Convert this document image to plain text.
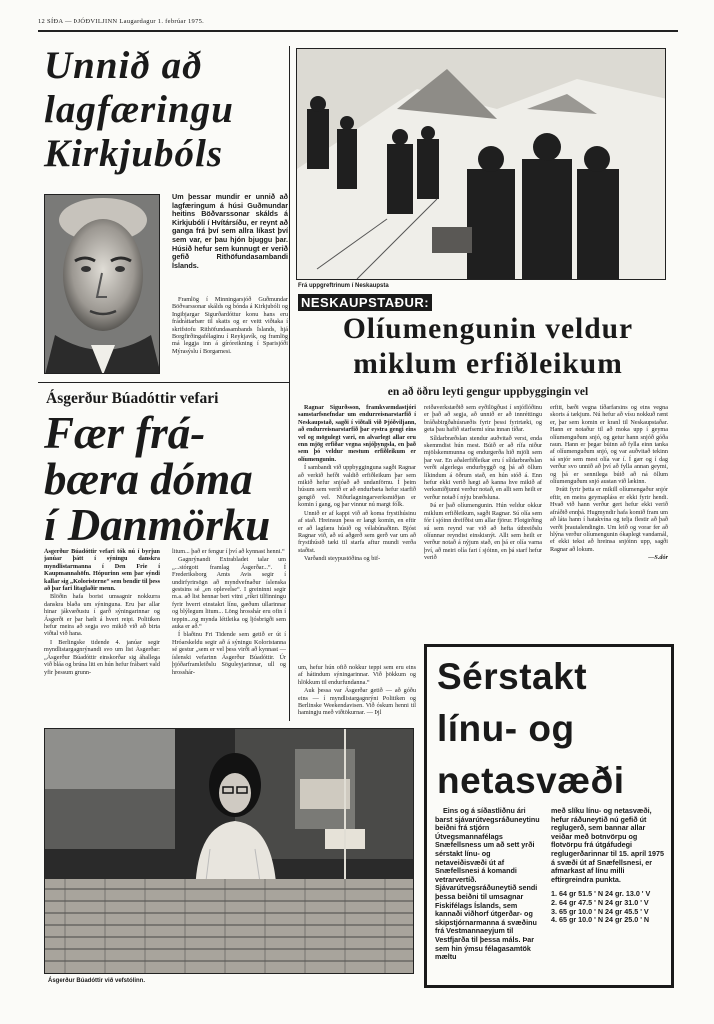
12 SÍÐA — ÞJÓÐVILJINN Laugardagur 1. febrúar 1975.
Unnið að
lagfæringu
Kirkjubóls

Um þessar mundir er unnið að lagfæringum á húsi Guðmundar heitins Böðvarssonar skálds á Kirkjubóli í Hvítársíðu, er reynt að ganga frá því sem allra líkast því sem var, er þau hjón bjuggu þar. Húsið hefur sem kunnugt er verið gefið Rithöfundasambandi Íslands.

Framlög í Minningarsjóð Guðmundar Böðvarssonar skálds og bónda á Kirkjubóli og Ingibjargar Sigurðardóttur konu hans eru frádráttarbær til skatts og er veitt viðtaka í skrifstofu Rithöfundasambands Íslands, hjá Borgfirðingafélaginu í Reykjavík, og framlög má leggja inn á gíróreikning í Sparisjóði Mýrasýslu í Borgarnesi.

Ásgerður Búadóttir vefari
Fær frá-
bæra dóma
í Danmörku

Ásgerður Búadóttir vefari tók nú í byrjun janúar þátt í sýningu danskra myndlistarmanna í Den Frie í Kaupmannahöfn. Hópurinn sem þar sýndi kallar sig „Koloristerne“ sem bendir til þess að þar fari litaglaðir menn.

Blöðin hafa borist umsagnir nokkurra danskra blaða um sýninguna. Eru þar allar hinar jákvæðustu í garð sýningarinnar og Ásgerði er þar hælt á hvert reipi. Politiken hefur meira að segja svo mikið við að birta viðtal við hana.

I Berlingske tidende 4. janúar segir myndlistargagnrýnandi svo um list Ásgerðar: „Ásgerður Búadóttir einskorðar sig áhallega við bláa og brúna liti en hún hefur frábært vald yfir þessum grunn-

litum... það er fengur í því að kynnast henni.“

Gagnrýnandi Extrabladet talar um „...stórgott framlag Ásgerðar...“. Í Frederiksborg Amts Avis segir í undirfyrirsögn að myndvefnaður íslenska gestsins sé „en oplevelse“. I greininni segir m.a. að list hennar beri vitni „ríkri tilfinningu fyrir hverri einstakri línu, gæðum ullarinnar og blýlegum litum... Löng hrosshár eru ofin í teppin...og mynda léttleika og ljósbrigði sem auka er að.“

Í blaðinu Fri Tidende sem getið er út í Hróarskeldu segir að á sýningu Koloristanna sé gestur „sem er vel þess virði að kynnast — íslenski vefarinn Ásgerður Búadóttir. Úr þjóðarframleiðslu Söguleyjarinnar, ull og hrosshár-

um, hefur hún ofið nokkur teppi sem eru eins af hátindum sýningarinnar. Við þökkum og hlökkum til endurfundanna.“

Auk þessa var Ásgerðar getið — að góðu eins — í myndlistargagnrýni Politiken og Berlinske Weekendavisen. Við óskum henni til hamingju með viðtökurnar. — Þjl

Ásgerður Búadóttir við vefstólinn.
Frá uppgreftrinum í Neskaupsta
NESKAUPSTAÐUR:
Olíumengunin veldur
miklum erfiðleikum
en að öðru leyti gengur uppbyggingin vel

Ragnar Sigurðsson, framkvæmdastjóri samstarfsnefndar um endurreisnarstarfið í Neskaupstað, sagði í viðtali við Þjóðviljann, að endurreisnarstarfið þar eystra gengi eins vel og mögulegt væri, en alvarlegt allar eru enn mjög erfiðar vegna snjóþyngsla, en það sem þó veldur mestum erfiðleikum er olíumengunin.

Í sambandi við uppbygginguna sagði Ragnar að verkið hefði valdið erfiðleikum þar sem mikið hefur snjóað að undanförnu. Í þeim húsum sem verið er að endurbæta hefur starfið gengið vel. Niðurlagningarverksmiðjan er komin í gang, og þar vinnur nú margt fólk.

Unnið er af kappi við að koma frystihúsinu af stað. Hreinsun þess er langt komin, en eftir er að lagfæra húsið og vélabúnaðinn. Bjóst Ragnar við, að sú aðgerð sem gerð var um að frystihúsið tæki til starfa aftur mundi verða staðist.

Varðandi steypustöðina og bif-

reiðaverkstæðið sem eyðilögðust í snjóflóðinu er það að segja, að unnið er að innréttingu bráðabirgðahúsnæðis fyrir þessi fyrirtæki, og geta þau hafið starfsemi sína innan tíðar.

Síldarbræðslan stendur auðvitað verst, enda skemmdist hún mest. Búið er að rífa niður mjölskemmunna og endurgerða hið mjöli sem þar var. En aðalerfiðleikar eru í síldarbræðslan verði algerlega endurbyggð og þá að öllum líkindum á öðrum stað, en hún stóð á. Enn hefur ekki verið hægt að kanna hve mikið af verksmiðjunni verður notað, en allt sem heilt er verður notað í nýju bræðsluna.

Þá er það olíumengunin. Hún veldur okkur miklum erfiðleikum, sagði Ragnar. Sú olía sem fór í sjóinn dreifðist um allar fjörur. Flotgirðing sú sem reynd var við að hefta útbreiðslu olíunnar reyndist einskisnýt. Allt sem heilt er verður notað á nýjum stað, en þá er olía varna því, að meiri olía fari í sjóinn, en þá starf hefur verið

erfitt, bæði vegna tíðarfarsins og eins vegna skorts á tækjum. Nú hefur að vísu nokkuð rænt er, þar sem komin er kranl til Neskaupstaðar. Hann er notaður til að moka upp í geyma olíumenguðum snjó, og getur hann snjóð góða raun. Hann er þegar búinn að fylla einn tanka af olíumenguðum snjó, og var auðvitað tekinn sá snjór sem mest olía var í. Í gær og í dag verður svo unnið að því að fylla annan geymi, og þá er sennilega búið að ná öllum olíumenguðum snjó austan við lækinn.

Þrátt fyrir þetta er mikill olíumengaður snjór eftir, en meira geymapláss er ekki fyrir hendi. Hvað við hann verður gert hefur ekki verið afráðið ennþá. Hugmyndir hafa komið fram um að láta hann í hatakvína og telja flestir að það verði þrautalendingin. Um leið og vorar fer að hlýna verður olíumengunin ókaplegt vandamál, ef ekki tekst að hreinsa snjóinn upp, sagði Ragnar að lokum.

—S.dór

Sérstakt
línu- og
netasvæði

Eins og á síðastliðnu ári barst sjávarútvegsráðuneytinu beiðni frá stjórn Útvegsmannafélags Snæfellsness um að sett yrði sérstakt línu- og netaveiðisvæði út af Snæfellsnesi á komandi vetrarvertíð. Sjávarútvegsráðuneytið sendi þessa beiðni til umsagnar Fiskifélags Íslands, sem kannaði viðhorf útgerðar- og skipstjórnarmanna á svæðinu frá Vestmannaeyjum til Vestfjarða til þessa máls. Þar sem hin ýmsu félagasamtök mæltu

með slíku línu- og netasvæði, hefur ráðuneytið nú gefið út reglugerð, sem bannar allar veiðar með botnvörpu og flotvörpu frá útgáfudegi reglugerðarinnar til 15. apríl 1975 á svæði út af Snæfellsnesi, er afmarkast af línu milli eftirgreindra punkta.

1. 64 gr 51.5 ' N 24 gr. 13.0 ' V

2. 64 gr 47.5 ' N 24 gr 31.0 ' V

3. 65 gr 10.0 ' N 24 gr 45.5 ' V

4. 65 gr 10.0 ' N 24 gr 25.0 ' N
